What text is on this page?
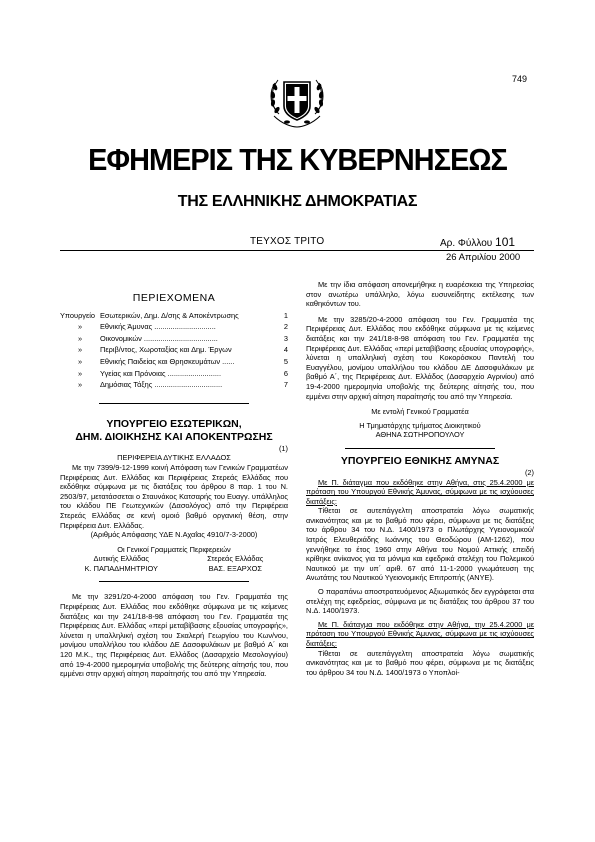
749
ΕΦΗΜΕΡΙΣ ΤΗΣ ΚΥΒΕΡΝΗΣΕΩΣ
ΤΗΣ ΕΛΛΗΝΙΚΗΣ ΔΗΜΟΚΡΑΤΙΑΣ
ΤΕΥΧΟΣ ΤΡΙΤΟ	Αρ. Φύλλου 101
26 Απριλίου 2000
ΠΕΡΙΕΧΟΜΕΝΑ
Υπουργείο Εσωτερικών, Δημ. Δ/σης & Αποκέντρωσης	1
»	Εθνικής Άμυνας ..............................	2
»	Οικονομικών ....................................	3
»	Περιβ/ντος, Χωροταξίας και Δημ. Έργων	4
»	Εθνικής Παιδείας και Θρησκευμάτων ......	5
»	Υγείας και Πρόνοιας ..........................	6
»	Δημόσιας Τάξης .................................	7
ΥΠΟΥΡΓΕΙΟ ΕΣΩΤΕΡΙΚΩΝ,
ΔΗΜ. ΔΙΟΙΚΗΣΗΣ ΚΑΙ ΑΠΟΚΕΝΤΡΩΣΗΣ
(1)
ΠΕΡΙΦΕΡΕΙΑ ΔΥΤΙΚΗΣ ΕΛΛΑΔΟΣ

Με την 7399/9-12-1999 κοινή Απόφαση των Γενικών Γραμματέων Περιφέρειας Δυτ. Ελλάδας και Περιφέρειας Στερεάς Ελλάδας που εκδόθηκε σύμφωνα με τις διατάξεις του άρθρου 8 παρ. 1 του Ν. 2503/97, μετατάσσεται ο Σταυνάκος Κατσαρής του Ευαγγ. υπάλληλος του κλάδου ΠΕ Γεωτεχνικών (Δασολόγος) από την Περιφέρεια Στερεάς Ελλάδας σε κενή ομοιό βαθμό οργανική θέση, στην Περιφέρεια Δυτ. Ελλάδας.

(Αριθμός Απόφασης ΥΔΕ Ν.Αχαΐας 4910/7-3-2000)
Οι Γενικοί Γραμματείς Περιφερειών
Δυτικής Ελλάδας
Κ. ΠΑΠΑΔΗΜΗΤΡΙΟΥ
Στερεάς Ελλάδας
ΒΑΣ. ΕΞΑΡΧΟΣ

Με την 3291/20-4-2000 απόφαση του Γεν. Γραμματέα της Περιφέρειας Δυτ. Ελλάδας που εκδόθηκε σύμφωνα με τις κείμενες διατάξεις και την 241/18-8-98 απόφαση του Γεν. Γραμματέα της Περιφέρειας Δυτ. Ελλάδας «περί μεταβίβασης εξουσίας υπογραφής», λύνεται η υπαλληλική σχέση του Σκαλερή Γεωργίου του Κων/νου, μονίμου υπαλλήλου του κλάδου ΔΕ Δασοφυλάκων με βαθμό Α΄ και 120 Μ.Κ., της Περιφέρειας Δυτ. Ελλάδος (Δασαρχείο Μεσολογγίου) από 19-4-2000 ημερομηνία υποβολής της δεύτερης αίτησής του, που εμμένει στην αρχική αίτηση παραίτησής του από την Υπηρεσία.

Με την ίδια απόφαση απονεμήθηκε η ευαρέσκεια της Υπηρεσίας στον ανωτέρω υπάλληλο, λόγω ευσυνείδητης εκτέλεσης των καθηκόντων του.

Με την 3285/20-4-2000 απόφαση του Γεν. Γραμματέα της Περιφέρειας Δυτ. Ελλάδας που εκδόθηκε σύμφωνα με τις κείμενες διατάξεις και την 241/18-8-98 απόφαση του Γεν. Γραμματέα της Περιφέρειας Δυτ. Ελλάδας «περί μεταβίβασης εξουσίας υπογραφής», λύνεται η υπαλληλική σχέση του Κοκορόσκου Παντελή του Ευαγγέλου, μονίμου υπαλλήλου του κλάδου ΔΕ Δασοφυλάκων με βαθμό Α΄, της Περιφέρειας Δυτ. Ελλάδος (Δασαρχείο Αγρινίου) από 19-4-2000 ημερομηνία υποβολής της δεύτερης αίτησής του, που εμμένει στην αρχική αίτηση παραίτησής του από την Υπηρεσία.

Με εντολή Γενικού Γραμματέα
Η Τμηματάρχης τμήματος Διοικητικού
ΑΘΗΝΑ ΣΩΤΗΡΟΠΟΥΛΟΥ
ΥΠΟΥΡΓΕΙΟ ΕΘΝΙΚΗΣ ΑΜΥΝΑΣ
(2)

Με Π. διάταγμα που εκδόθηκε στην Αθήνα, στις 25.4.2000 με πρόταση του Υπουργού Εθνικής Άμυνας, σύμφωνα με τις ισχύουσες διατάξεις:

Τίθεται σε αυτεπάγγελτη αποστρατεία λόγω σωματικής ανικανότητας και με το βαθμό που φέρει, σύμφωνα με τις διατάξεις του άρθρου 34 του Ν.Δ. 1400/1973 ο Πλωτάρχης Υγειονομικού/Ιατρός Ελευθεριάδης Ιωάννης του Θεοδώρου (ΑΜ-1262), που γεννήθηκε το έτος 1960 στην Αθήνα του Νομού Αττικής επειδή κρίθηκε ανίκανος για τα μόνιμα και εφεδρικά στελέχη του Πολεμικού Ναυτικού με την υπ΄ αριθ. 67 από 11-1-2000 γνωμάτευση της Ανωτάτης του Ναυτικού Υγειονομικής Επιτροπής (ΑΝΥΕ).

Ο παραπάνω αποστρατευόμενος Αξιωματικός δεν εγγράφεται στα στελέχη της εφεδρείας, σύμφωνα με τις διατάξεις του άρθρου 37 του Ν.Δ. 1400/1973.

Με Π. διάταγμα που εκδόθηκε στην Αθήνα, την 25.4.2000 με πρόταση του Υπουργού Εθνικής Άμυνας, σύμφωνα με τις ισχύουσες διατάξεις:

Τίθεται σε αυτεπάγγελτη αποστρατεία λόγω σωματικής ανικανότητας και με το βαθμό που φέρει, σύμφωνα με τις διατάξεις του άρθρου 34 του Ν.Δ. 1400/1973 ο Υποπλοί-
